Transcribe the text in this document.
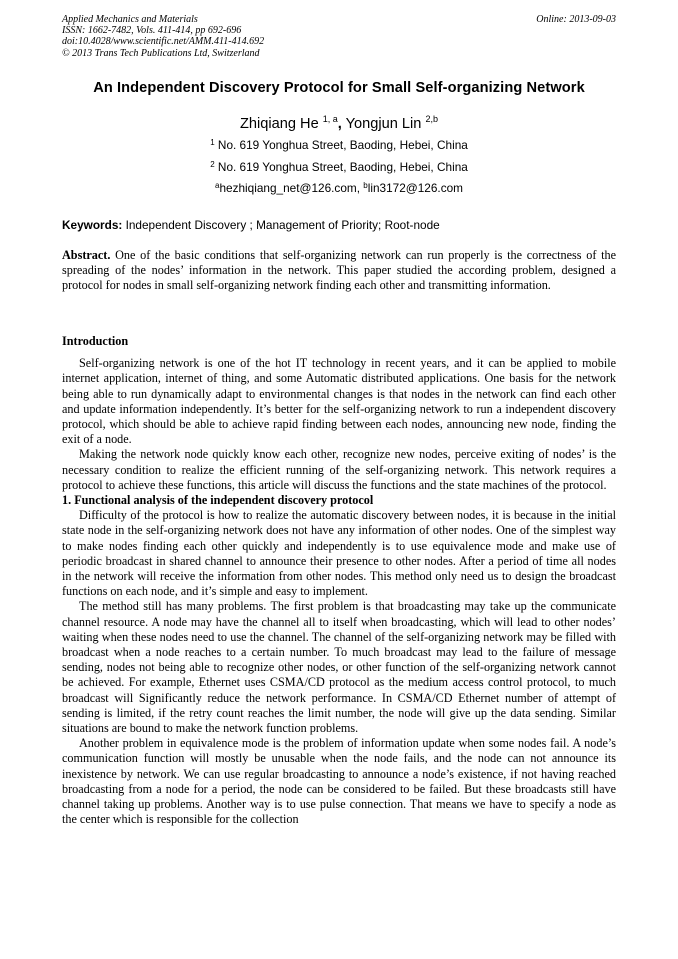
Applied Mechanics and Materials
ISSN: 1662-7482, Vols. 411-414, pp 692-696
doi:10.4028/www.scientific.net/AMM.411-414.692
© 2013 Trans Tech Publications Ltd, Switzerland
Online: 2013-09-03
An Independent Discovery Protocol for Small Self-organizing Network
Zhiqiang He $^{1, a}$, Yongjun Lin $^{2,b}$
$^1$ No. 619 Yonghua Street, Baoding, Hebei, China
$^2$ No. 619 Yonghua Street, Baoding, Hebei, China
$^a$hezhiqiang_net@126.com, $^b$lin3172@126.com
Keywords: Independent Discovery ; Management of Priority; Root-node

Abstract. One of the basic conditions that self-organizing network can run properly is the correctness of the spreading of the nodes’ information in the network. This paper studied the according problem, designed a protocol for nodes in small self-organizing network finding each other and transmitting information.

Introduction

Self-organizing network is one of the hot IT technology in recent years, and it can be applied to mobile internet application, internet of thing, and some Automatic distributed applications. One basis for the network being able to run dynamically adapt to environmental changes is that nodes in the network can find each other and update information independently. It’s better for the self-organizing network to run a independent discovery protocol, which should be able to achieve rapid finding between each nodes, announcing new node, finding the exit of a node.

Making the network node quickly know each other, recognize new nodes, perceive exiting of nodes’ is the necessary condition to realize the efficient running of the self-organizing network. This network requires a protocol to achieve these functions, this article will discuss the functions and the state machines of the protocol.

1. Functional analysis of the independent discovery protocol

Difficulty of the protocol is how to realize the automatic discovery between nodes, it is because in the initial state node in the self-organizing network does not have any information of other nodes. One of the simplest way to make nodes finding each other quickly and independently is to use equivalence mode and make use of periodic broadcast in shared channel to announce their presence to other nodes. After a period of time all nodes in the network will receive the information from other nodes. This method only need us to design the broadcast functions on each node, and it’s simple and easy to implement.

The method still has many problems. The first problem is that broadcasting may take up the communicate channel resource. A node may have the channel all to itself when broadcasting, which will lead to other nodes’ waiting when these nodes need to use the channel. The channel of the self-organizing network may be filled with broadcast when a node reaches to a certain number. To much broadcast may lead to the failure of message sending, nodes not being able to recognize other nodes, or other function of the self-organizing network cannot be achieved. For example, Ethernet uses CSMA/CD protocol as the medium access control protocol, to much broadcast will Significantly reduce the network performance. In CSMA/CD Ethernet number of attempt of sending is limited, if the retry count reaches the limit number, the node will give up the data sending. Similar situations are bound to make the network function problems.

Another problem in equivalence mode is the problem of information update when some nodes fail. A node’s communication function will mostly be unusable when the node fails, and the node can not announce its inexistence by network. We can use regular broadcasting to announce a node’s existence, if not having reached broadcasting from a node for a period, the node can be considered to be failed. But these broadcasts still have channel taking up problems. Another way is to use pulse connection. That means we have to specify a node as the center which is responsible for the collection
